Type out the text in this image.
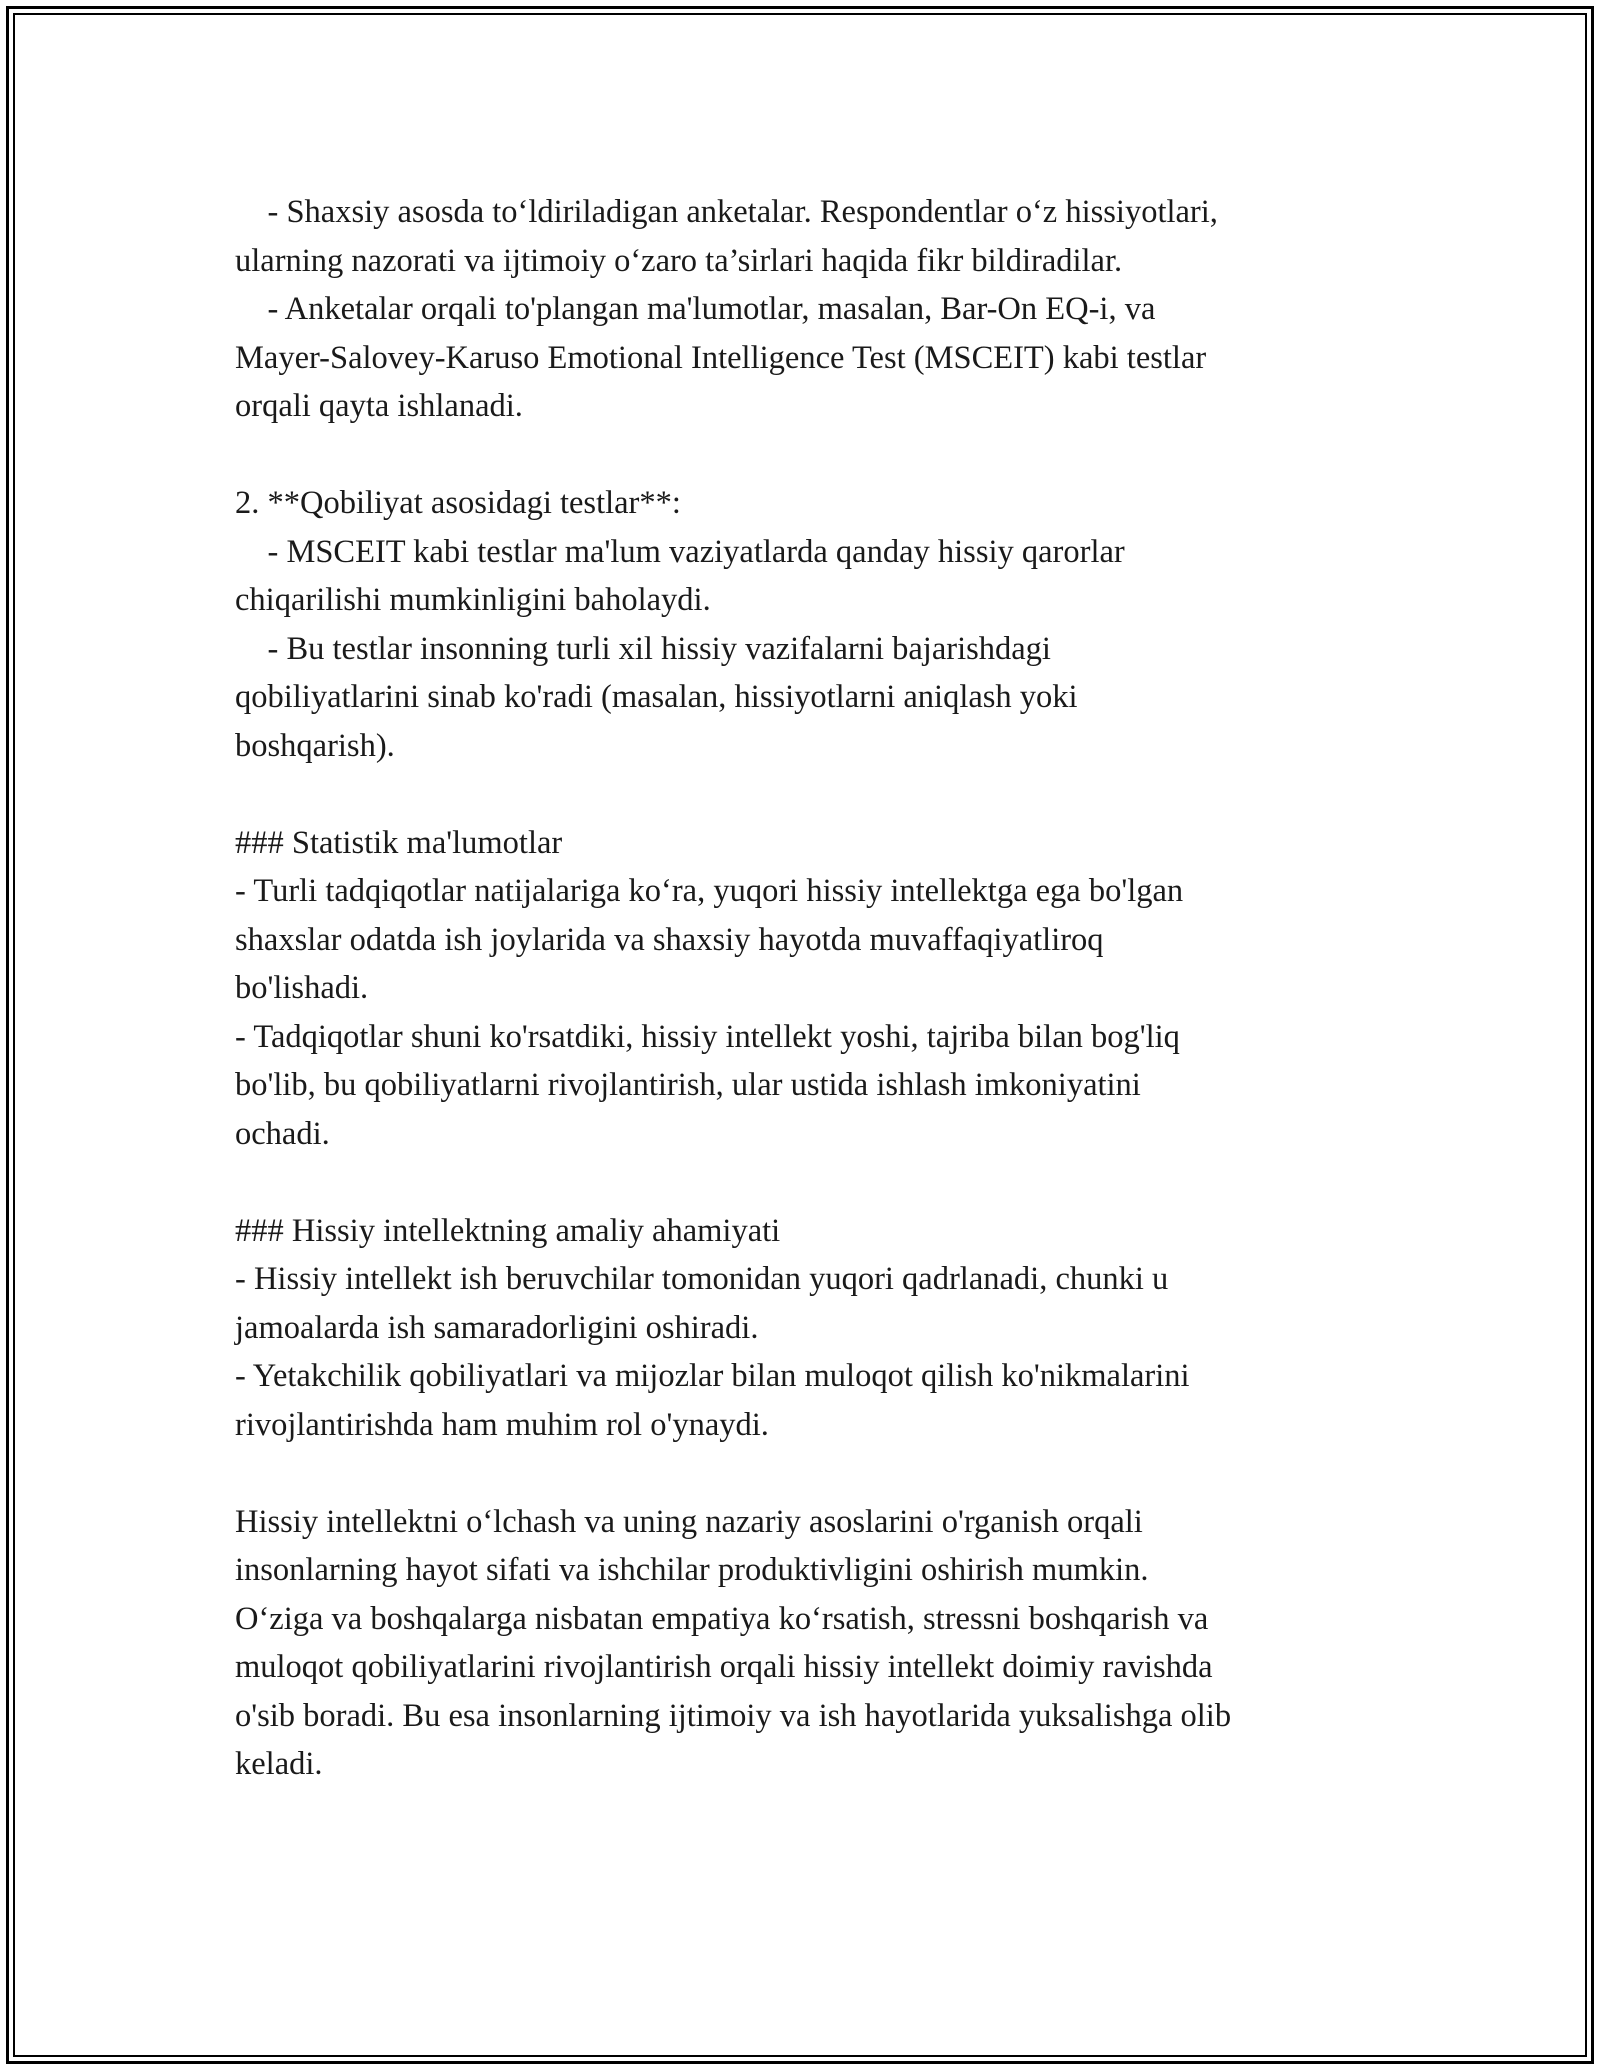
- Shaxsiy asosda to‘ldiriladigan anketalar. Respondentlar o‘z hissiyotlari,
ularning nazorati va ijtimoiy o‘zaro ta’sirlari haqida fikr bildiradilar.
- Anketalar orqali to'plangan ma'lumotlar, masalan, Bar-On EQ-i, va
Mayer-Salovey-Karuso Emotional Intelligence Test (MSCEIT) kabi testlar
orqali qayta ishlanadi.
2. **Qobiliyat asosidagi testlar**:
- MSCEIT kabi testlar ma'lum vaziyatlarda qanday hissiy qarorlar
chiqarilishi mumkinligini baholaydi.
- Bu testlar insonning turli xil hissiy vazifalarni bajarishdagi
qobiliyatlarini sinab ko'radi (masalan, hissiyotlarni aniqlash yoki
boshqarish).
### Statistik ma'lumotlar
- Turli tadqiqotlar natijalariga ko‘ra, yuqori hissiy intellektga ega bo'lgan
shaxslar odatda ish joylarida va shaxsiy hayotda muvaffaqiyatliroq
bo'lishadi.
- Tadqiqotlar shuni ko'rsatdiki, hissiy intellekt yoshi, tajriba bilan bog'liq
bo'lib, bu qobiliyatlarni rivojlantirish, ular ustida ishlash imkoniyatini
ochadi.
### Hissiy intellektning amaliy ahamiyati
- Hissiy intellekt ish beruvchilar tomonidan yuqori qadrlanadi, chunki u
jamoalarda ish samaradorligini oshiradi.
- Yetakchilik qobiliyatlari va mijozlar bilan muloqot qilish ko'nikmalarini
rivojlantirishda ham muhim rol o'ynaydi.
Hissiy intellektni o‘lchash va uning nazariy asoslarini o'rganish orqali
insonlarning hayot sifati va ishchilar produktivligini oshirish mumkin.
O‘ziga va boshqalarga nisbatan empatiya ko‘rsatish, stressni boshqarish va
muloqot qobiliyatlarini rivojlantirish orqali hissiy intellekt doimiy ravishda
o'sib boradi. Bu esa insonlarning ijtimoiy va ish hayotlarida yuksalishga olib
keladi.
